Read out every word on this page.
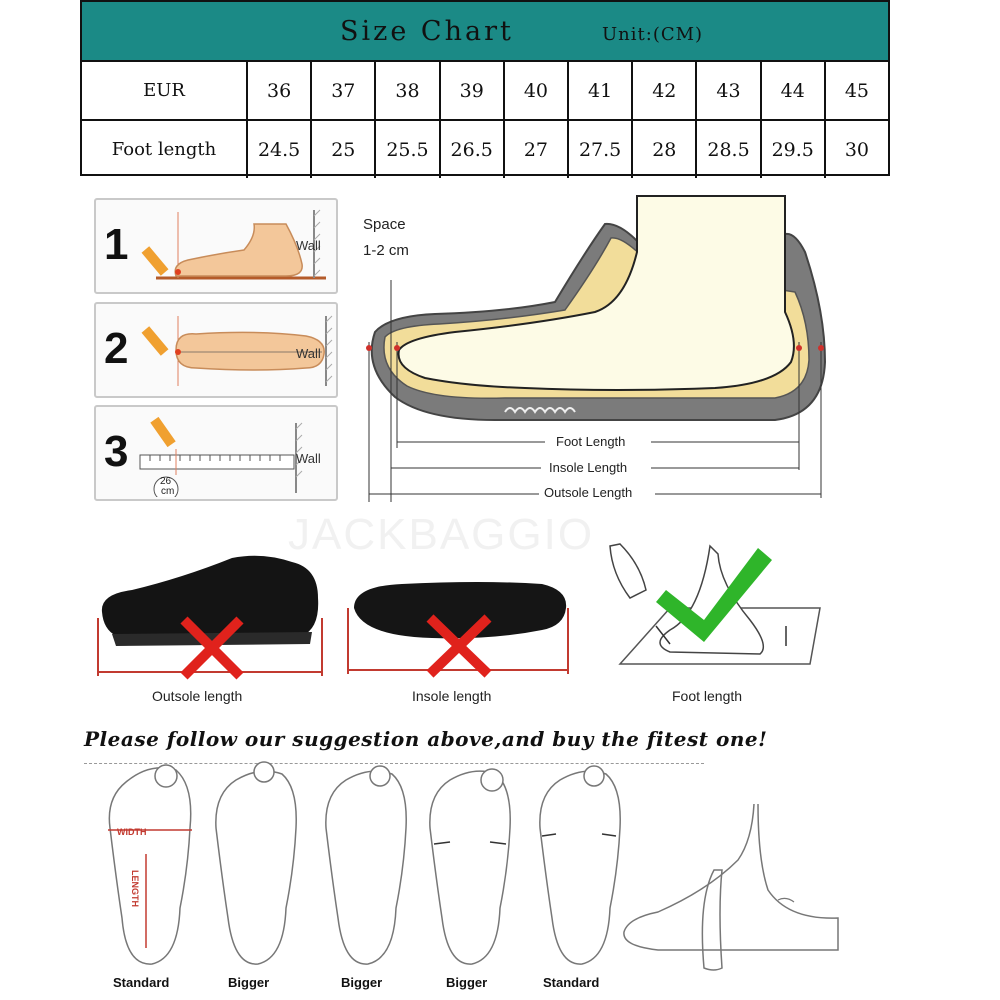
Size Chart	Unit:(CM)
EUR	36	37	38	39	40	41	42	43	44	45
Foot length	24.5	25	25.5	26.5	27	27.5	28	28.5	29.5	30
1	Wall
2	Wall
3
26
cm
Wall
Space
1-2 cm
Foot Length
Insole Length
Outsole Length
JACKBAGGIO
Outsole length	Insole length	Foot length
Please follow our suggestion above,and buy the fitest one!
WIDTH
LENGTH
Standard	Bigger	Bigger	Bigger	Standard
